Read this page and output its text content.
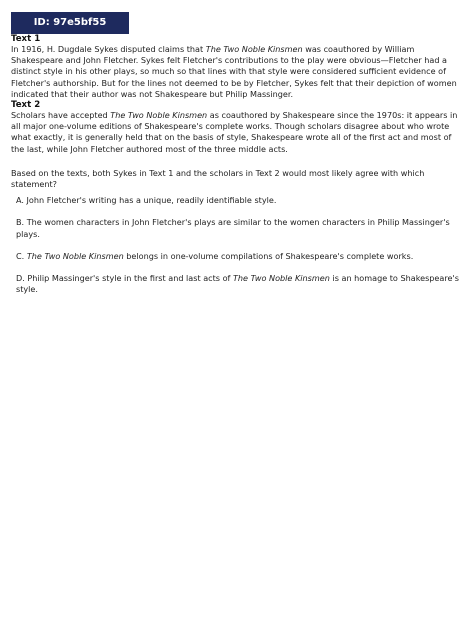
ID: 97e5bf55
Text 1

In 1916, H. Dugdale Sykes disputed claims that The Two Noble Kinsmen was coauthored by William Shakespeare and John Fletcher. Sykes felt Fletcher's contributions to the play were obvious—Fletcher had a distinct style in his other plays, so much so that lines with that style were considered sufficient evidence of Fletcher's authorship. But for the lines not deemed to be by Fletcher, Sykes felt that their depiction of women indicated that their author was not Shakespeare but Philip Massinger.

Text 2

Scholars have accepted The Two Noble Kinsmen as coauthored by Shakespeare since the 1970s: it appears in all major one-volume editions of Shakespeare's complete works. Though scholars disagree about who wrote what exactly, it is generally held that on the basis of style, Shakespeare wrote all of the first act and most of the last, while John Fletcher authored most of the three middle acts.

Based on the texts, both Sykes in Text 1 and the scholars in Text 2 would most likely agree with which statement?
A. John Fletcher's writing has a unique, readily identifiable style.
B. The women characters in John Fletcher's plays are similar to the women characters in Philip Massinger's plays.
C. The Two Noble Kinsmen belongs in one-volume compilations of Shakespeare's complete works.
D. Philip Massinger's style in the first and last acts of The Two Noble Kinsmen is an homage to Shakespeare's style.
